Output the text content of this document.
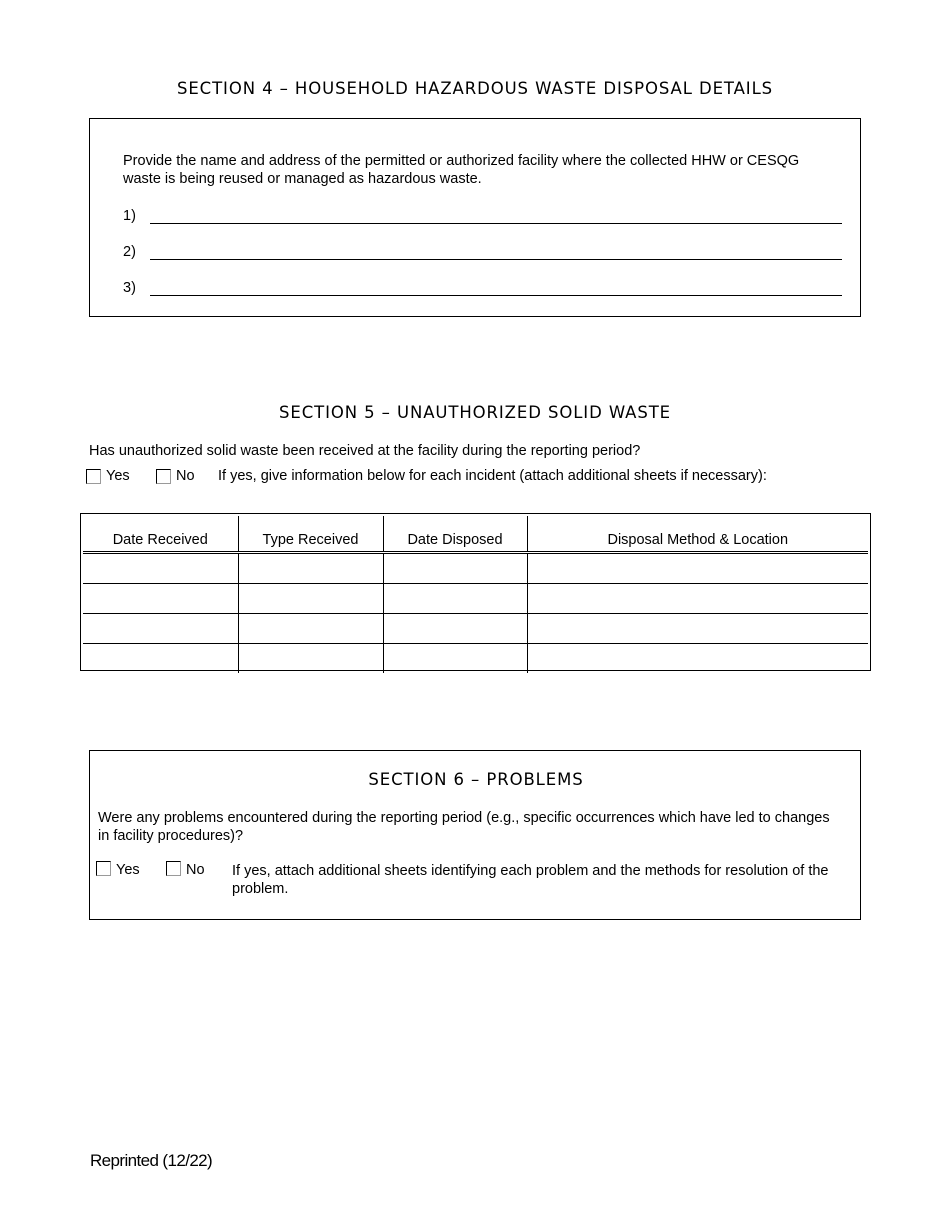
SECTION 4 – HOUSEHOLD HAZARDOUS WASTE DISPOSAL DETAILS
Provide the name and address of the permitted or authorized facility where the collected HHW or CESQG waste is being reused or managed as hazardous waste.
1)
2)
3)
SECTION 5 – UNAUTHORIZED SOLID WASTE
Has unauthorized solid waste been received at the facility during the reporting period?
Yes	No If yes, give information below for each incident (attach additional sheets if necessary):
Date Received	Type Received	Date Disposed	Disposal Method & Location

SECTION 6 – PROBLEMS
Were any problems encountered during the reporting period (e.g., specific occurrences which have led to changes in facility procedures)?
Yes	No If yes, attach additional sheets identifying each problem and the methods for resolution of the problem.
Reprinted (12/22)
